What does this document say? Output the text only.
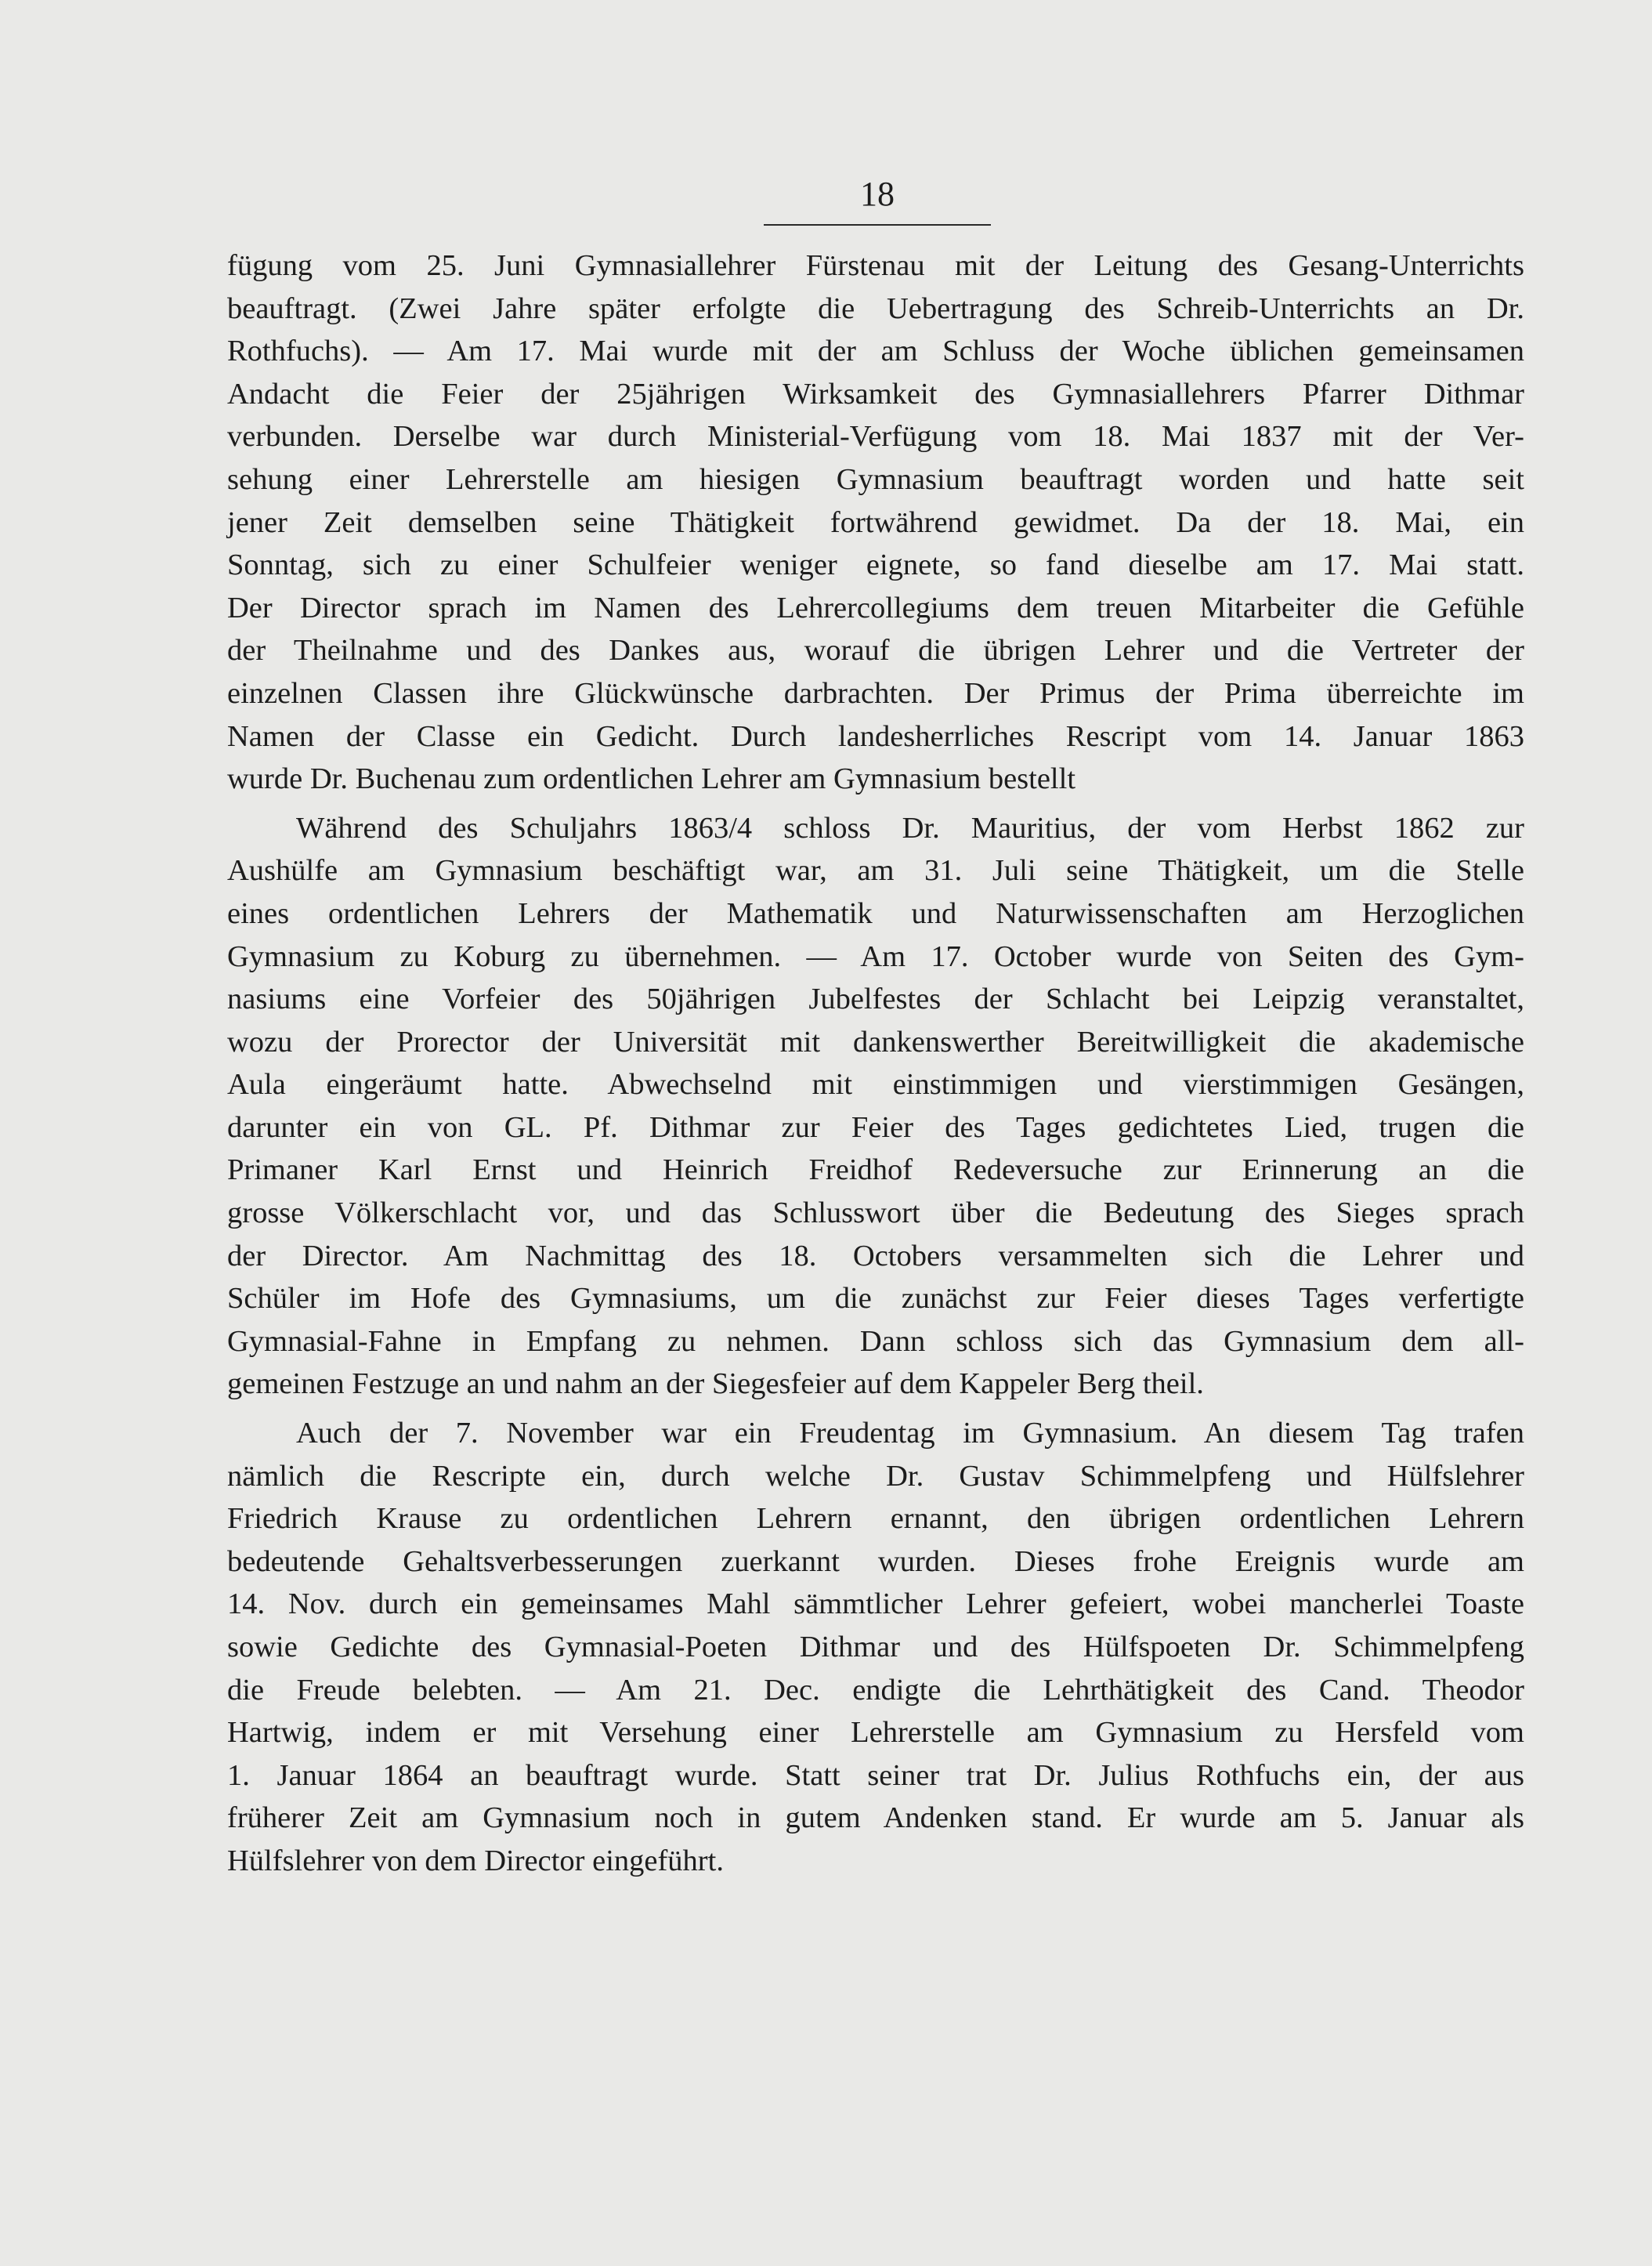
18
fügung vom 25. Juni Gymnasiallehrer Fürstenau mit der Leitung des Gesang-Unterrichts
beauftragt. (Zwei Jahre später erfolgte die Uebertragung des Schreib-Unterrichts an Dr.
Rothfuchs). — Am 17. Mai wurde mit der am Schluss der Woche üblichen gemeinsamen
Andacht die Feier der 25jährigen Wirksamkeit des Gymnasiallehrers Pfarrer Dithmar
verbunden. Derselbe war durch Ministerial-Verfügung vom 18. Mai 1837 mit der Ver-
sehung einer Lehrerstelle am hiesigen Gymnasium beauftragt worden und hatte seit
jener Zeit demselben seine Thätigkeit fortwährend gewidmet. Da der 18. Mai, ein
Sonntag, sich zu einer Schulfeier weniger eignete, so fand dieselbe am 17. Mai statt.
Der Director sprach im Namen des Lehrercollegiums dem treuen Mitarbeiter die Gefühle
der Theilnahme und des Dankes aus, worauf die übrigen Lehrer und die Vertreter der
einzelnen Classen ihre Glückwünsche darbrachten. Der Primus der Prima überreichte im
Namen der Classe ein Gedicht. Durch landesherrliches Rescript vom 14. Januar 1863
wurde Dr. Buchenau zum ordentlichen Lehrer am Gymnasium bestellt
Während des Schuljahrs 1863/4 schloss Dr. Mauritius, der vom Herbst 1862 zur
Aushülfe am Gymnasium beschäftigt war, am 31. Juli seine Thätigkeit, um die Stelle
eines ordentlichen Lehrers der Mathematik und Naturwissenschaften am Herzoglichen
Gymnasium zu Koburg zu übernehmen. — Am 17. October wurde von Seiten des Gym-
nasiums eine Vorfeier des 50jährigen Jubelfestes der Schlacht bei Leipzig veranstaltet,
wozu der Prorector der Universität mit dankenswerther Bereitwilligkeit die akademische
Aula eingeräumt hatte. Abwechselnd mit einstimmigen und vierstimmigen Gesängen,
darunter ein von GL. Pf. Dithmar zur Feier des Tages gedichtetes Lied, trugen die
Primaner Karl Ernst und Heinrich Freidhof Redeversuche zur Erinnerung an die
grosse Völkerschlacht vor, und das Schlusswort über die Bedeutung des Sieges sprach
der Director. Am Nachmittag des 18. Octobers versammelten sich die Lehrer und
Schüler im Hofe des Gymnasiums, um die zunächst zur Feier dieses Tages verfertigte
Gymnasial-Fahne in Empfang zu nehmen. Dann schloss sich das Gymnasium dem all-
gemeinen Festzuge an und nahm an der Siegesfeier auf dem Kappeler Berg theil.
Auch der 7. November war ein Freudentag im Gymnasium. An diesem Tag trafen
nämlich die Rescripte ein, durch welche Dr. Gustav Schimmelpfeng und Hülfslehrer
Friedrich Krause zu ordentlichen Lehrern ernannt, den übrigen ordentlichen Lehrern
bedeutende Gehaltsverbesserungen zuerkannt wurden. Dieses frohe Ereignis wurde am
14. Nov. durch ein gemeinsames Mahl sämmtlicher Lehrer gefeiert, wobei mancherlei Toaste
sowie Gedichte des Gymnasial-Poeten Dithmar und des Hülfspoeten Dr. Schimmelpfeng
die Freude belebten. — Am 21. Dec. endigte die Lehrthätigkeit des Cand. Theodor
Hartwig, indem er mit Versehung einer Lehrerstelle am Gymnasium zu Hersfeld vom
1. Januar 1864 an beauftragt wurde. Statt seiner trat Dr. Julius Rothfuchs ein, der aus
früherer Zeit am Gymnasium noch in gutem Andenken stand. Er wurde am 5. Januar als
Hülfslehrer von dem Director eingeführt.
